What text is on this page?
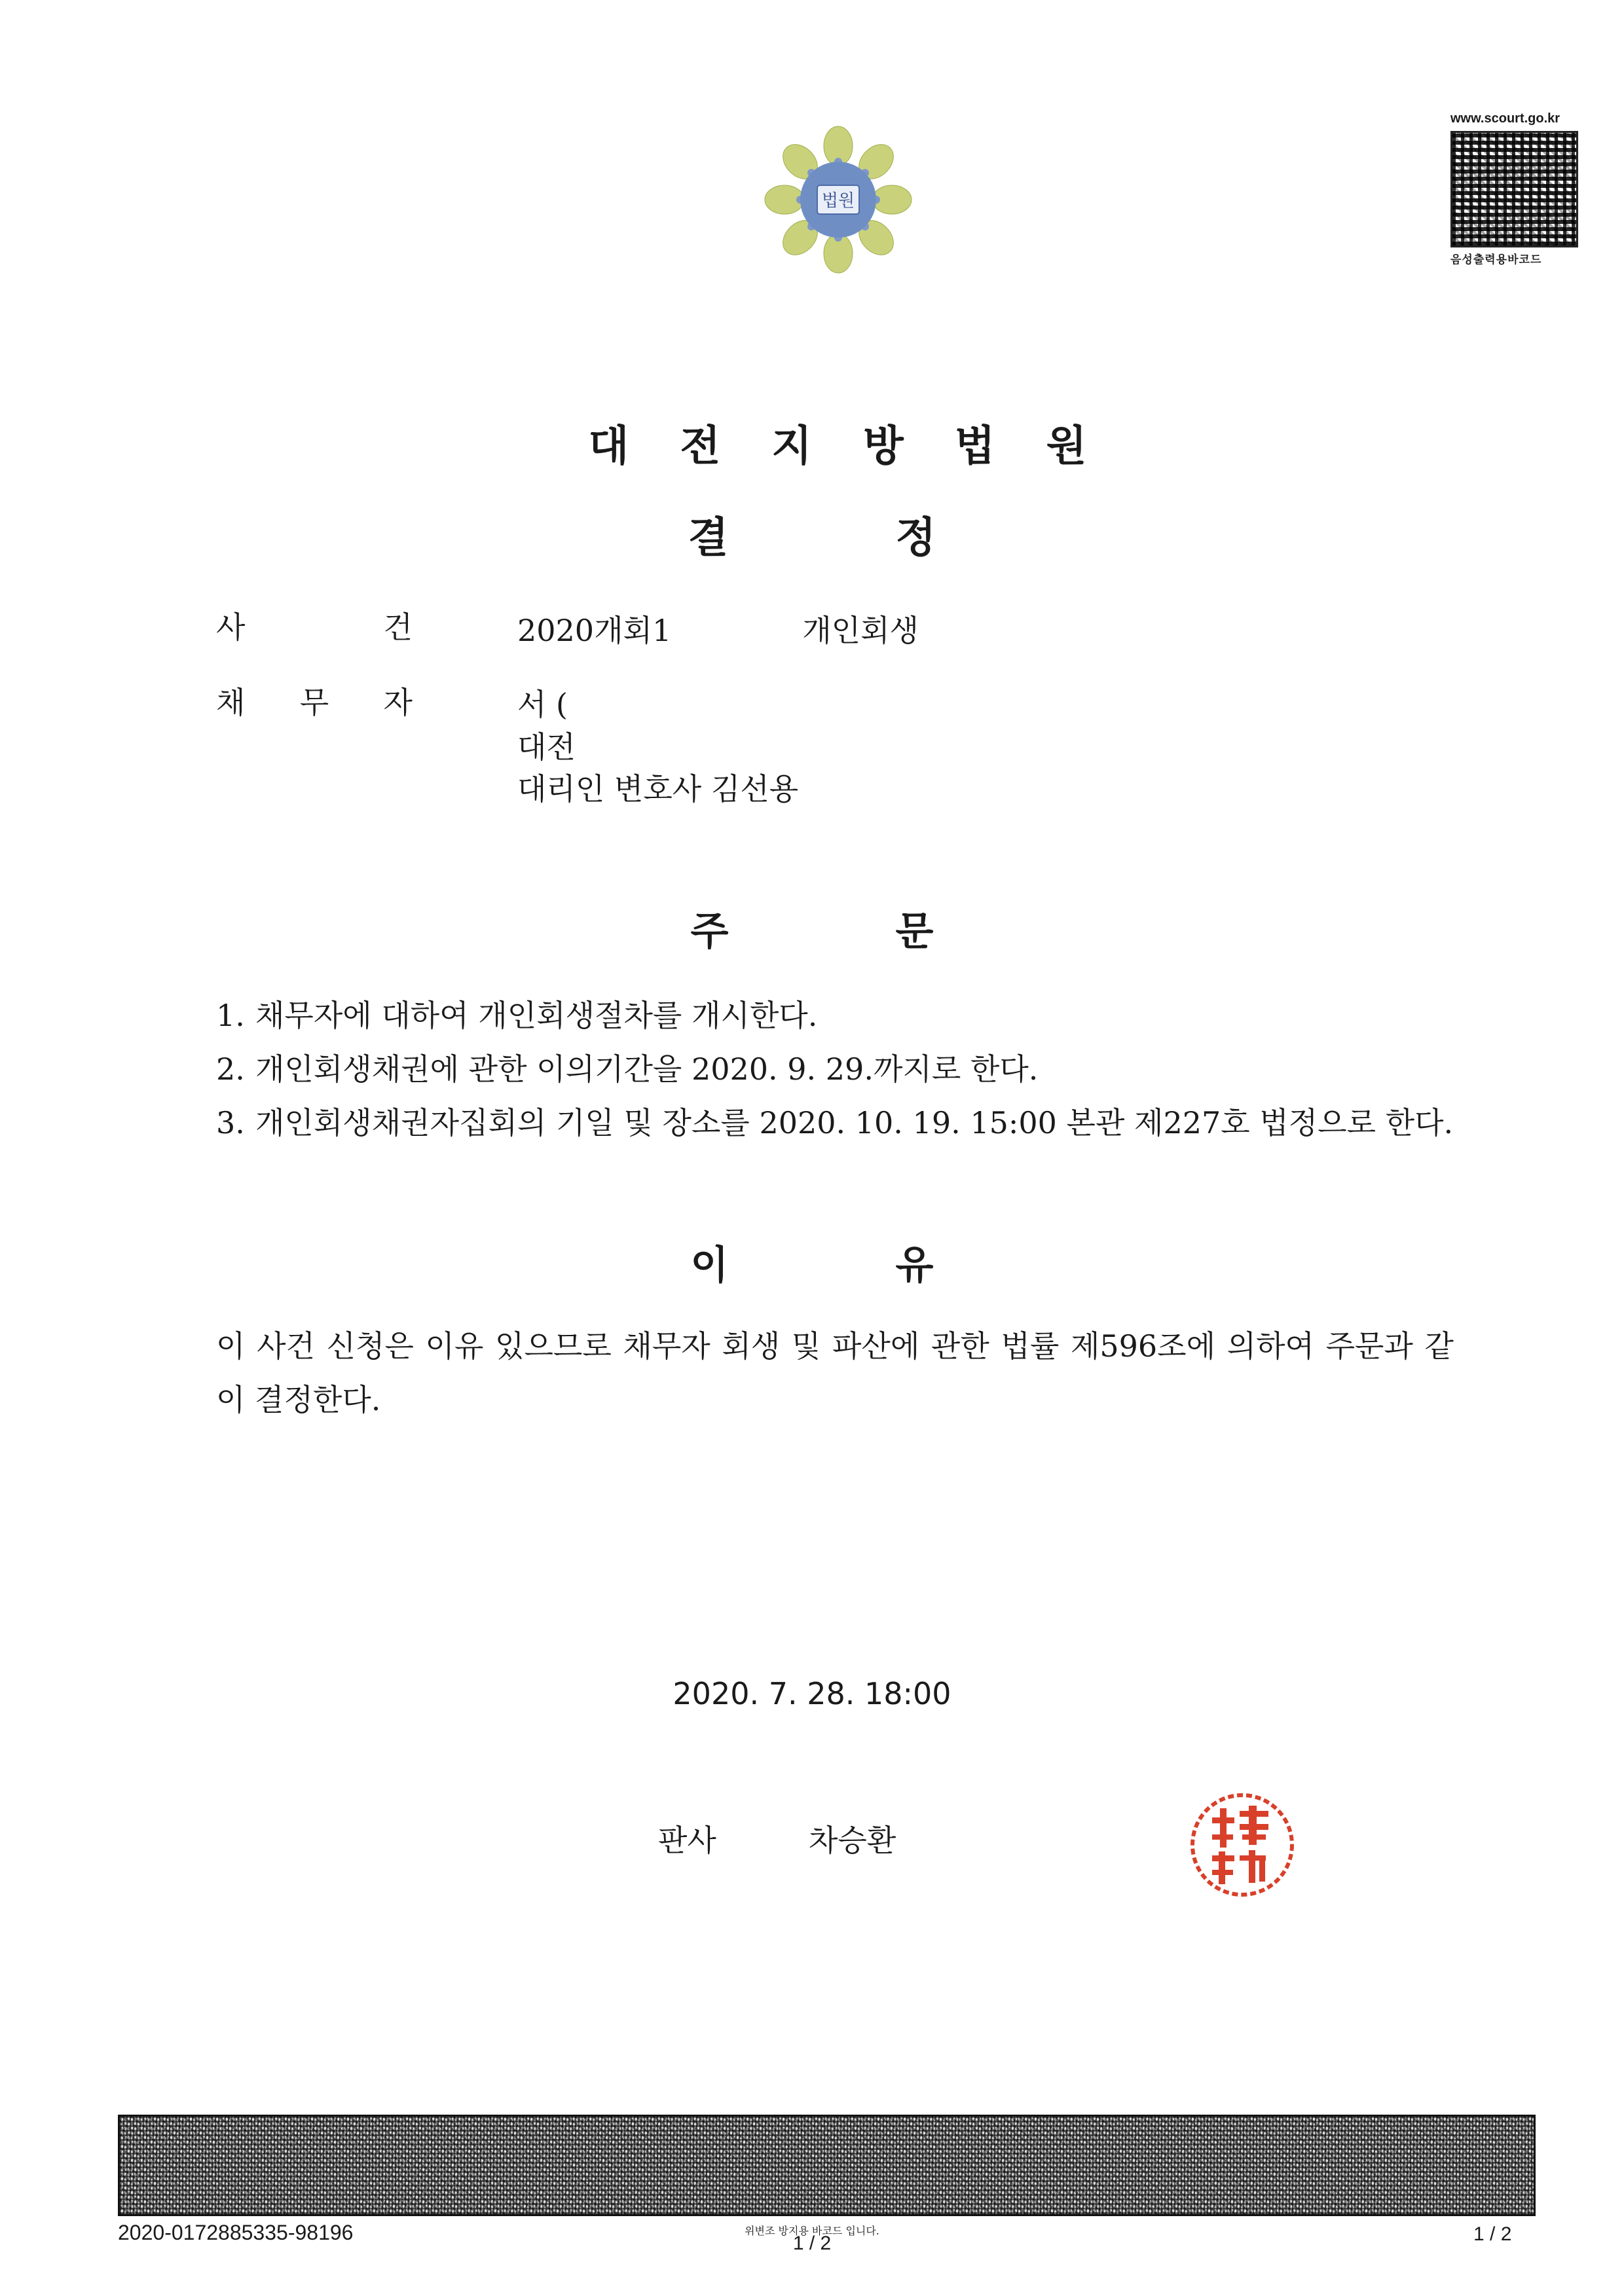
법원
www.scourt.go.kr
음성출력용바코드
대전지방법원
결	정
사 건	2020개회1	개인회생
채 무 자	서 (
대전
대리인 변호사 김선용
주	문
1. 채무자에 대하여 개인회생절차를 개시한다.
2. 개인회생채권에 관한 이의기간을 2020. 9. 29.까지로 한다.
3. 개인회생채권자집회의 기일 및 장소를 2020. 10. 19. 15:00 본관 제227호 법정으로 한다.
이	유
이 사건 신청은 이유 있으므로 채무자 회생 및 파산에 관한 법률 제596조에 의하여 주문과 같이 결정한다.
2020. 7. 28. 18:00
판사	차승환
2020-0172885335-98196	위변조 방지용 바코드 입니다.
1 / 2	1 / 2
